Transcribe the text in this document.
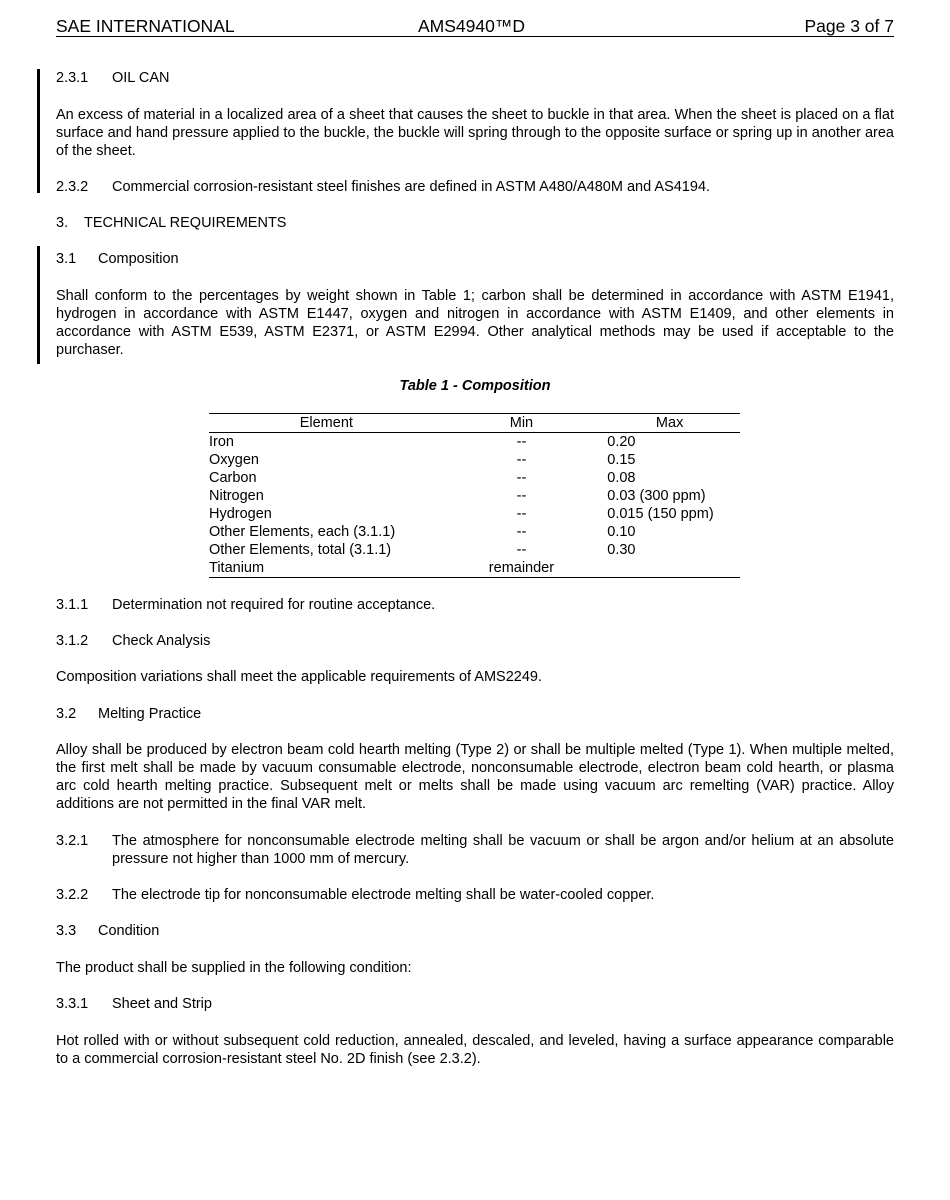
SAE INTERNATIONAL	AMS4940™D	Page 3 of 7
2.3.1 OIL CAN
An excess of material in a localized area of a sheet that causes the sheet to buckle in that area. When the sheet is placed on a flat surface and hand pressure applied to the buckle, the buckle will spring through to the opposite surface or spring up in another area of the sheet.
2.3.2 Commercial corrosion-resistant steel finishes are defined in ASTM A480/A480M and AS4194.
3. TECHNICAL REQUIREMENTS
3.1 Composition
Shall conform to the percentages by weight shown in Table 1; carbon shall be determined in accordance with ASTM E1941, hydrogen in accordance with ASTM E1447, oxygen and nitrogen in accordance with ASTM E1409, and other elements in accordance with ASTM E539, ASTM E2371, or ASTM E2994. Other analytical methods may be used if acceptable to the purchaser.
Table 1 - Composition
Element	Min	Max
Iron	--	0.20
Oxygen	--	0.15
Carbon	--	0.08
Nitrogen	--	0.03 (300 ppm)
Hydrogen	--	0.015 (150 ppm)
Other Elements, each (3.1.1)	--	0.10
Other Elements, total (3.1.1)	--	0.30
Titanium	remainder	
3.1.1 Determination not required for routine acceptance.
3.1.2 Check Analysis
Composition variations shall meet the applicable requirements of AMS2249.
3.2 Melting Practice
Alloy shall be produced by electron beam cold hearth melting (Type 2) or shall be multiple melted (Type 1). When multiple melted, the first melt shall be made by vacuum consumable electrode, nonconsumable electrode, electron beam cold hearth, or plasma arc cold hearth melting practice. Subsequent melt or melts shall be made using vacuum arc remelting (VAR) practice. Alloy additions are not permitted in the final VAR melt.
3.2.1 The atmosphere for nonconsumable electrode melting shall be vacuum or shall be argon and/or helium at an absolute pressure not higher than 1000 mm of mercury.
3.2.2 The electrode tip for nonconsumable electrode melting shall be water-cooled copper.
3.3 Condition
The product shall be supplied in the following condition:
3.3.1 Sheet and Strip
Hot rolled with or without subsequent cold reduction, annealed, descaled, and leveled, having a surface appearance comparable to a commercial corrosion-resistant steel No. 2D finish (see 2.3.2).
